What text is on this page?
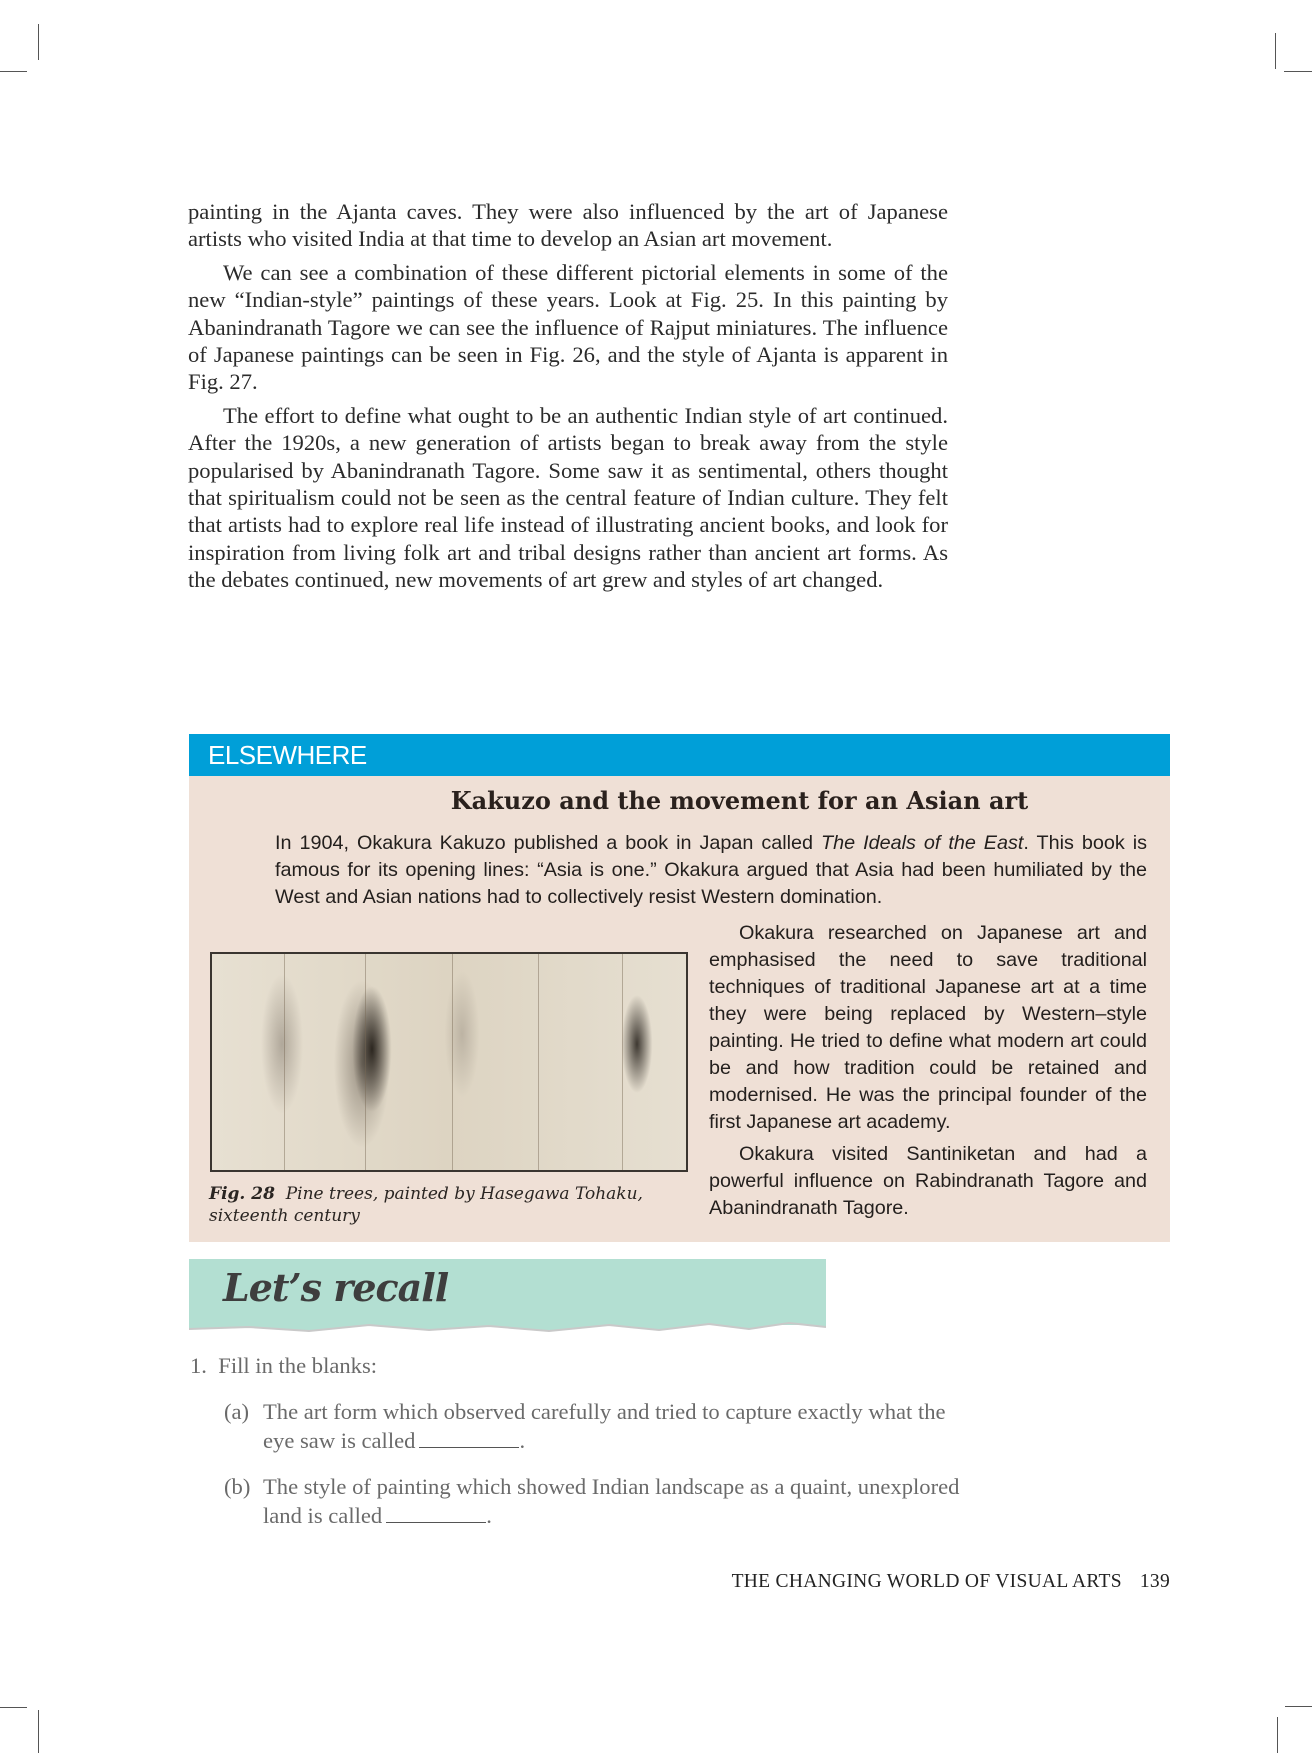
painting in the Ajanta caves. They were also influenced by the art of Japanese artists who visited India at that time to develop an Asian art movement.

We can see a combination of these different pictorial elements in some of the new “Indian-style” paintings of these years. Look at Fig. 25. In this painting by Abanindranath Tagore we can see the influence of Rajput miniatures. The influence of Japanese paintings can be seen in Fig. 26, and the style of Ajanta is apparent in Fig. 27.

The effort to define what ought to be an authentic Indian style of art continued. After the 1920s, a new generation of artists began to break away from the style popularised by Abanindranath Tagore. Some saw it as sentimental, others thought that spiritualism could not be seen as the central feature of Indian culture. They felt that artists had to explore real life instead of illustrating ancient books, and look for inspiration from living folk art and tribal designs rather than ancient art forms. As the debates continued, new movements of art grew and styles of art changed.

ELSEWHERE
Kakuzo and the movement for an Asian art

In 1904, Okakura Kakuzo published a book in Japan called The Ideals of the East. This book is famous for its opening lines: “Asia is one.” Okakura argued that Asia had been humiliated by the West and Asian nations had to collectively resist Western domination.

Fig. 28 Pine trees, painted by Hasegawa Tohaku, sixteenth century

Okakura researched on Japanese art and emphasised the need to save traditional techniques of traditional Japanese art at a time they were being replaced by Western–style painting. He tried to define what modern art could be and how tradition could be retained and modernised. He was the principal founder of the first Japanese art academy.

Okakura visited Santiniketan and had a powerful influence on Rabindranath Tagore and Abanindranath Tagore.

Let’s recall
1. Fill in the blanks:
(a) The art form which observed carefully and tried to capture exactly what the eye saw is called	.
(b) The style of painting which showed Indian landscape as a quaint, unexplored land is called	.
THE CHANGING WORLD OF VISUAL ARTS 139
